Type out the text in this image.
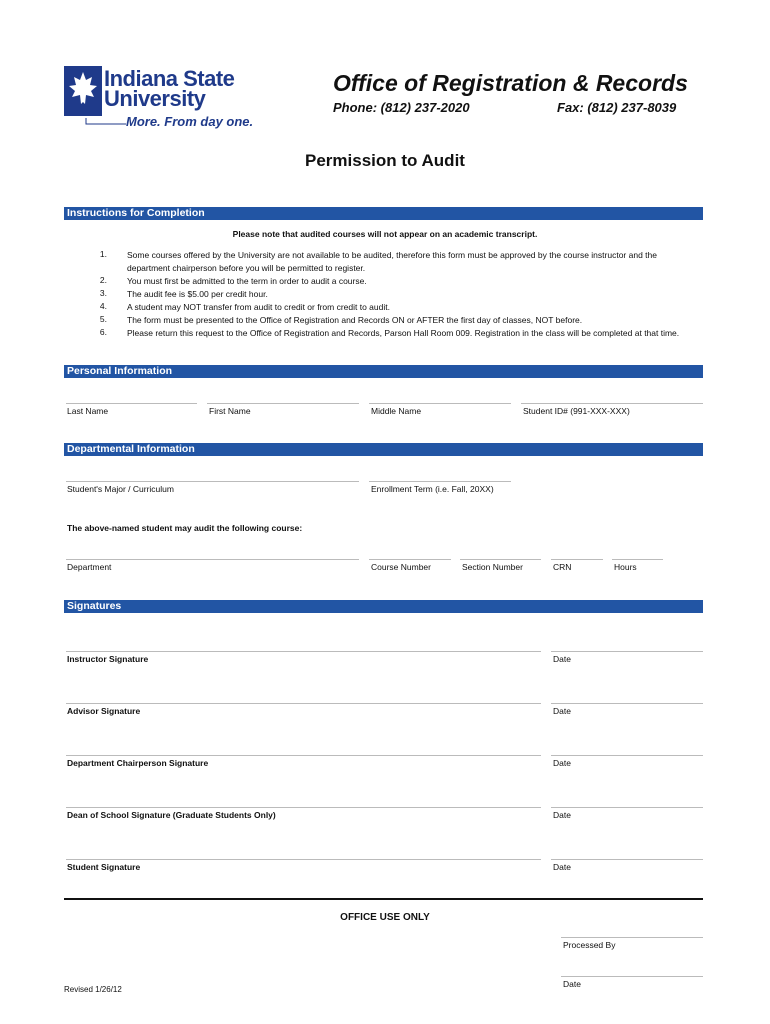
Indiana State
University
More. From day one.
Office of Registration & Records
Phone: (812) 237-2020	Fax: (812) 237-8039
Permission to Audit
Instructions for Completion
Please note that audited courses will not appear on an academic transcript.
1. Some courses offered by the University are not available to be audited, therefore this form must be approved by the course instructor and the department chairperson before you will be permitted to register.
2. You must first be admitted to the term in order to audit a course.
3. The audit fee is $5.00 per credit hour.
4. A student may NOT transfer from audit to credit or from credit to audit.
5. The form must be presented to the Office of Registration and Records ON or AFTER the first day of classes, NOT before.
6. Please return this request to the Office of Registration and Records, Parson Hall Room 009. Registration in the class will be completed at that time.
Personal Information
Last Name	First Name	Middle Name	Student ID# (991-XXX-XXX)
Departmental Information
Student's Major / Curriculum	Enrollment Term (i.e. Fall, 20XX)
The above-named student may audit the following course:
Department	Course Number	Section Number	CRN	Hours
Signatures
Instructor Signature	Date
Advisor Signature	Date
Department Chairperson Signature	Date
Dean of School Signature (Graduate Students Only)	Date
Student Signature	Date
OFFICE USE ONLY
Processed By
Date
Revised 1/26/12
